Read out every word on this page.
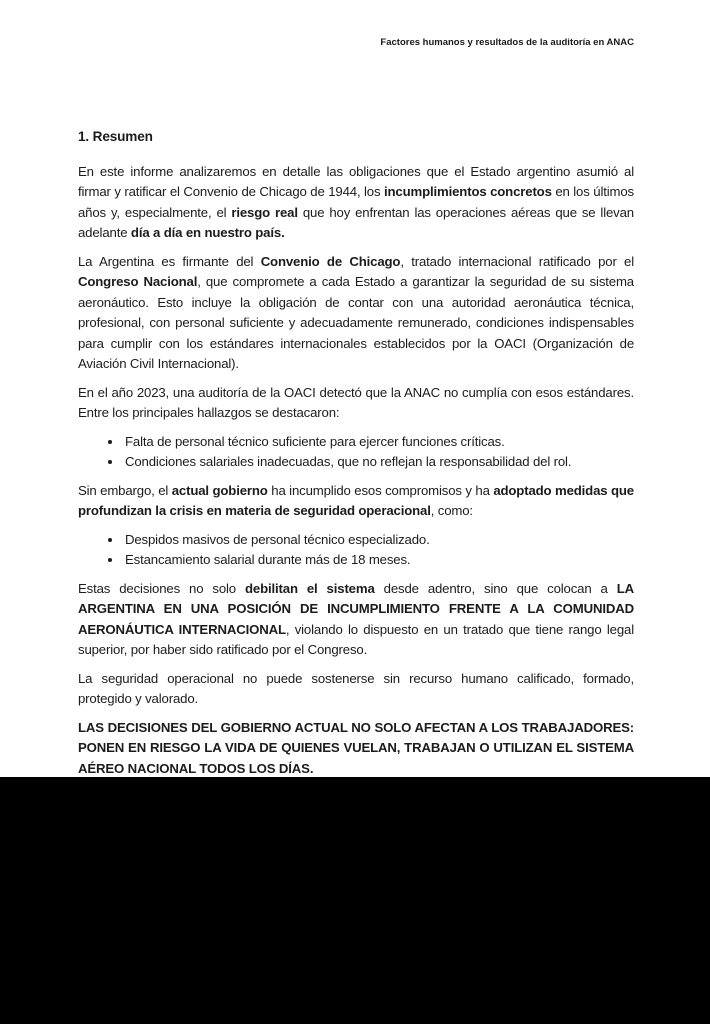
Factores humanos y resultados de la auditoría en ANAC
1. Resumen

En este informe analizaremos en detalle las obligaciones que el Estado argentino asumió al firmar y ratificar el Convenio de Chicago de 1944, los incumplimientos concretos en los últimos años y, especialmente, el riesgo real que hoy enfrentan las operaciones aéreas que se llevan adelante día a día en nuestro país.

La Argentina es firmante del Convenio de Chicago, tratado internacional ratificado por el Congreso Nacional, que compromete a cada Estado a garantizar la seguridad de su sistema aeronáutico. Esto incluye la obligación de contar con una autoridad aeronáutica técnica, profesional, con personal suficiente y adecuadamente remunerado, condiciones indispensables para cumplir con los estándares internacionales establecidos por la OACI (Organización de Aviación Civil Internacional).

En el año 2023, una auditoría de la OACI detectó que la ANAC no cumplía con esos estándares. Entre los principales hallazgos se destacaron:

• Falta de personal técnico suficiente para ejercer funciones críticas.
• Condiciones salariales inadecuadas, que no reflejan la responsabilidad del rol.

Sin embargo, el actual gobierno ha incumplido esos compromisos y ha adoptado medidas que profundizan la crisis en materia de seguridad operacional, como:

• Despidos masivos de personal técnico especializado.
• Estancamiento salarial durante más de 18 meses.

Estas decisiones no solo debilitan el sistema desde adentro, sino que colocan a LA ARGENTINA EN UNA POSICIÓN DE INCUMPLIMIENTO FRENTE A LA COMUNIDAD AERONÁUTICA INTERNACIONAL, violando lo dispuesto en un tratado que tiene rango legal superior, por haber sido ratificado por el Congreso.

La seguridad operacional no puede sostenerse sin recurso humano calificado, formado, protegido y valorado.

LAS DECISIONES DEL GOBIERNO ACTUAL NO SOLO AFECTAN A LOS TRABAJADORES: PONEN EN RIESGO LA VIDA DE QUIENES VUELAN, TRABAJAN O UTILIZAN EL SISTEMA AÉREO NACIONAL TODOS LOS DÍAS.
